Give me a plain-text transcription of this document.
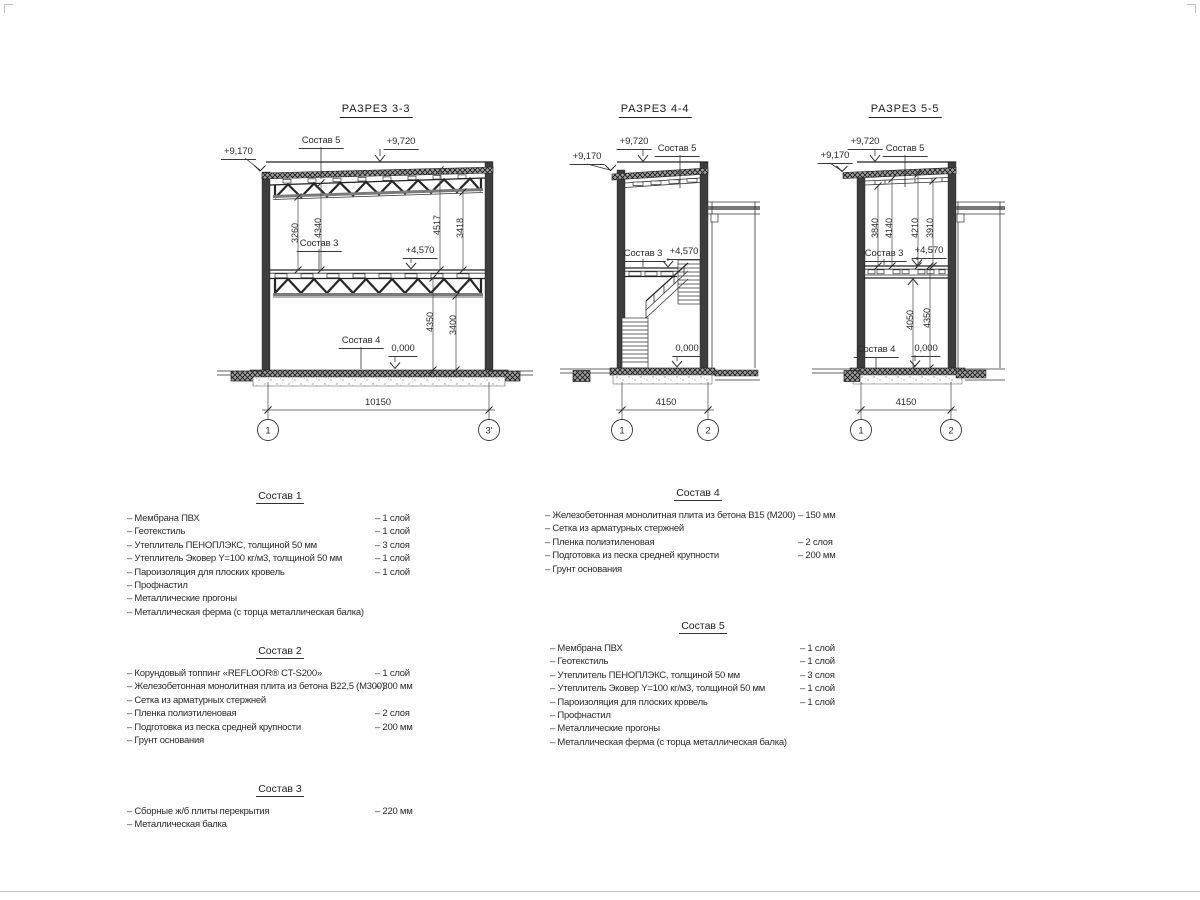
РАЗРЕЗ 3-3
1	3'
+9,170
Состав 5	+9,720
Состав 3
+4,570
Состав 4
0,000
10150
3260 4340	4517 3418
4350 3400
РАЗРЕЗ 4-4
1	2
+9,170
+9,720
Состав 5
Состав 3 +4,570
0,000
4150
РАЗРЕЗ 5-5
1	2
+9,170
+9,720
Состав 5
Состав 3	+4,570
Состав 4	0,000
4150
3840 4140 4210 3910
4050 4350
Состав 1
– Мембрана ПВХ	– 1 слой
– Геотекстиль	– 1 слой
– Утеплитель ПЕНОПЛЭКС, толщиной 50 мм	– 3 слоя
– Утеплитель Эковер Y=100 кг/м3, толщиной 50 мм	– 1 слой
– Пароизоляция для плоских кровель	– 1 слой
– Профнастил
– Металлические прогоны
– Металлическая ферма (с торца металлическая балка)
Состав 2
– Корундовый топпинг «REFLOOR® CT-S200»	– 1 слой
– Железобетонная монолитная плита из бетона В22,5 (М300)
– 300 мм
– Сетка из арматурных стержней
– Пленка полиэтиленовая	– 2 слоя
– Подготовка из песка средней крупности	– 200 мм
– Грунт основания
Состав 3
– Сборные ж/б плиты перекрытия	– 220 мм
– Металлическая балка
Состав 4
– Железобетонная монолитная плита из бетона В15 (М200) – 150 мм
– Сетка из арматурных стержней
– Пленка полиэтиленовая	– 2 слоя
– Подготовка из песка средней крупности	– 200 мм
– Грунт основания
Состав 5
– Мембрана ПВХ	– 1 слой
– Геотекстиль	– 1 слой
– Утеплитель ПЕНОПЛЭКС, толщиной 50 мм	– 3 слоя
– Утеплитель Эковер Y=100 кг/м3, толщиной 50 мм	– 1 слой
– Пароизоляция для плоских кровель	– 1 слой
– Профнастил
– Металлические прогоны
– Металлическая ферма (с торца металлическая балка)
